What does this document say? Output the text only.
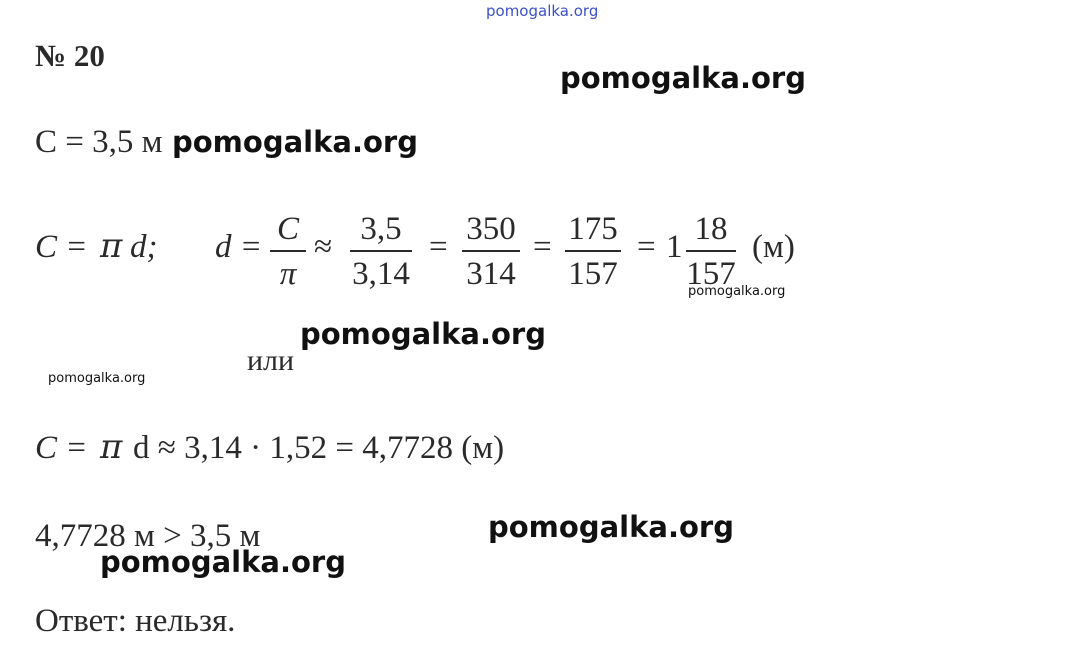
pomogalka.org
№ 20
pomogalka.org
C = 3,5 м pomogalka.org
C = π d; d = C
π
≈ 3,5
3,14
= 350
314
= 175
157
= 1 18
157
(м)
pomogalka.org
pomogalka.org
или
pomogalka.org
C = π d ≈ 3,14 · 1,52 = 4,7728 (м)
4,7728 м > 3,5 м	pomogalka.org
pomogalka.org
Ответ: нельзя.
